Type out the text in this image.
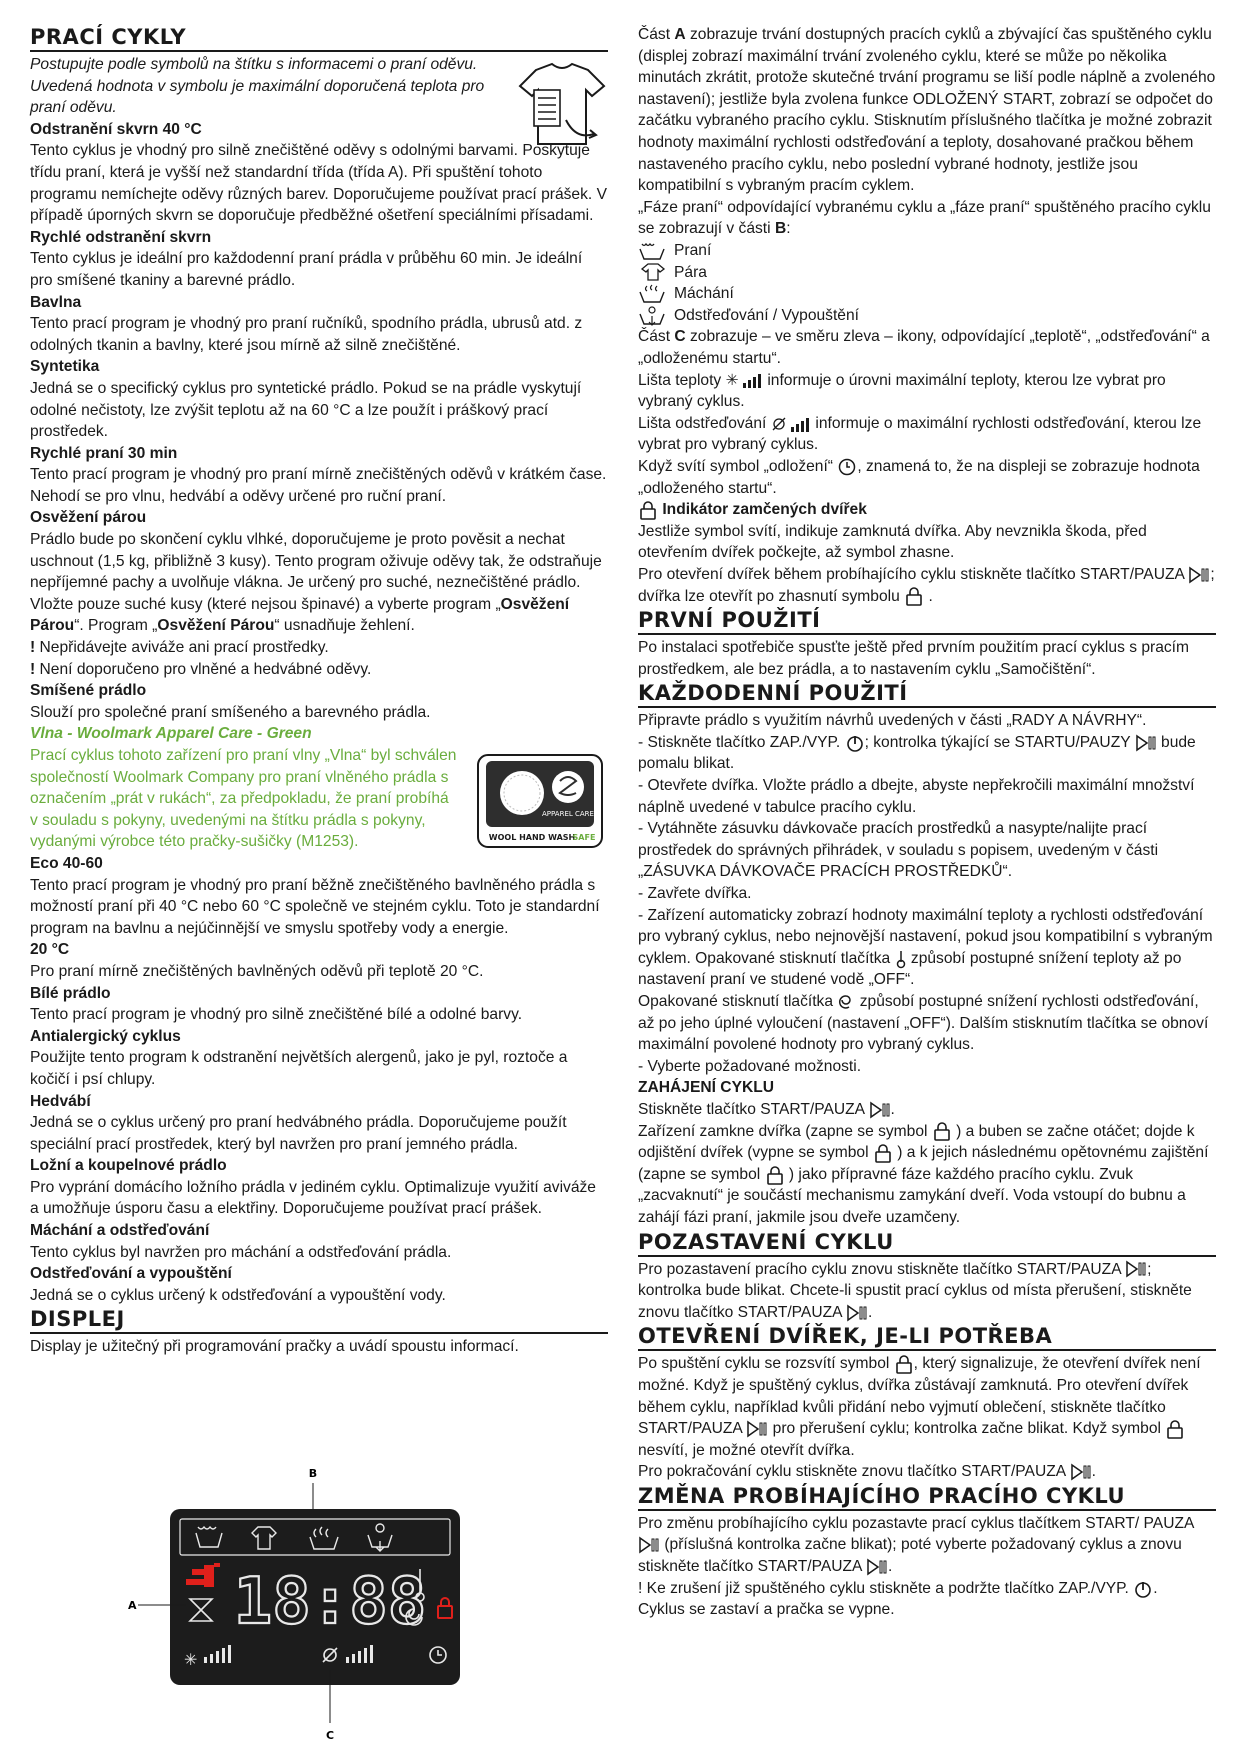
PRACÍ CYKLY

Postupujte podle symbolů na štítku s informacemi o praní oděvu. Uvedená hodnota v symbolu je maximální doporučená teplota pro praní oděvu.

Odstranění skvrn 40 °C

Tento cyklus je vhodný pro silně znečištěné oděvy s odolnými barvami. Poskytuje třídu praní, která je vyšší než standardní třída (třída A). Při spuštění tohoto programu nemíchejte oděvy různých barev. Doporučujeme používat prací prášek. V případě úporných skvrn se doporučuje předběžné ošetření speciálními přísadami.

Rychlé odstranění skvrn

Tento cyklus je ideální pro každodenní praní prádla v průběhu 60 min. Je ideální pro smíšené tkaniny a barevné prádlo.

Bavlna

Tento prací program je vhodný pro praní ručníků, spodního prádla, ubrusů atd. z odolných tkanin a bavlny, které jsou mírně až silně znečištěné.

Syntetika

Jedná se o specifický cyklus pro syntetické prádlo. Pokud se na prádle vyskytují odolné nečistoty, lze zvýšit teplotu až na 60 °C a lze použít i práškový prací prostředek.

Rychlé praní 30 min

Tento prací program je vhodný pro praní mírně znečištěných oděvů v krátkém čase. Nehodí se pro vlnu, hedvábí a oděvy určené pro ruční praní.

Osvěžení párou

Prádlo bude po skončení cyklu vlhké, doporučujeme je proto pověsit a nechat uschnout (1,5 kg, přibližně 3 kusy). Tento program oživuje oděvy tak, že odstraňuje nepříjemné pachy a uvolňuje vlákna. Je určený pro suché, neznečištěné prádlo. Vložte pouze suché kusy (které nejsou špinavé) a vyberte program „Osvěžení Párou“. Program „Osvěžení Párou“ usnadňuje žehlení.

! Nepřidávejte aviváže ani prací prostředky.

! Není doporučeno pro vlněné a hedvábné oděvy.

Smíšené prádlo

Slouží pro společné praní smíšeného a barevného prádla.

Vlna - Woolmark Apparel Care - Green

Prací cyklus tohoto zařízení pro praní vlny „Vlna“ byl schválen společností Woolmark Company pro praní vlněného prádla s označením „prát v rukách“, za předpokladu, že praní probíhá v souladu s pokyny, uvedenými na štítku prádla s pokyny, vydanými výrobce této pračky-sušičky (M1253).

APPAREL CARE
WOOL HAND WASH
SAFE

Eco 40-60

Tento prací program je vhodný pro praní běžně znečištěného bavlněného prádla s možností praní při 40 °C nebo 60 °C společně ve stejném cyklu. Toto je standardní program na bavlnu a nejúčinnější ve smyslu spotřeby vody a energie.

20 °C

Pro praní mírně znečištěných bavlněných oděvů při teplotě 20 °C.

Bílé prádlo

Tento prací program je vhodný pro silně znečištěné bílé a odolné barvy.

Antialergický cyklus

Použijte tento program k odstranění největších alergenů, jako je pyl, roztoče a kočičí i psí chlupy.

Hedvábí

Jedná se o cyklus určený pro praní hedvábného prádla. Doporučujeme použít speciální prací prostředek, který byl navržen pro praní jemného prádla.

Ložní a koupelnové prádlo

Pro vyprání domácího ložního prádla v jediném cyklu. Optimalizuje využití aviváže a umožňuje úsporu času a elektřiny. Doporučujeme používat prací prášek.

Máchání a odstřeďování

Tento cyklus byl navržen pro máchání a odstřeďování prádla.

Odstřeďování a vypouštění

Jedná se o cyklus určený k odstřeďování a vypouštění vody.

DISPLEJ

Display je užitečný při programování pračky a uvádí spoustu informací.

B
18:88
✳
A
C

Část A zobrazuje trvání dostupných pracích cyklů a zbývající čas spuštěného cyklu (displej zobrazí maximální trvání zvoleného cyklu, které se může po několika minutách zkrátit, protože skutečné trvání programu se liší podle náplně a zvoleného nastavení); jestliže byla zvolena funkce ODLOŽENÝ START, zobrazí se odpočet do začátku vybraného pracího cyklu. Stisknutím příslušného tlačítka je možné zobrazit hodnoty maximální rychlosti odstřeďování a teploty, dosahované pračkou během nastaveného pracího cyklu, nebo poslední vybrané hodnoty, jestliže jsou kompatibilní s vybraným pracím cyklem.

„Fáze praní“ odpovídající vybranému cyklu a „fáze praní“ spuštěného pracího cyklu se zobrazují v části B:

Praní
Pára
Máchání
Odstřeďování / Vypouštění

Část C zobrazuje – ve směru zleva – ikony, odpovídající „teplotě“, „odstřeďování“ a „odloženému startu“.

Lišta teploty ✳ informuje o úrovni maximální teploty, kterou lze vybrat pro vybraný cyklus.

Lišta odstřeďování	informuje o maximální rychlosti odstřeďování, kterou lze vybrat pro vybraný cyklus.

Když svítí symbol „odložení“ , znamená to, že na displeji se zobrazuje hodnota „odloženého startu“.

Indikátor zamčených dvířek

Jestliže symbol svítí, indikuje zamknutá dvířka. Aby nevznikla škoda, před otevřením dvířek počkejte, až symbol zhasne.

Pro otevření dvířek během probíhajícího cyklu stiskněte tlačítko START/PAUZA ; dvířka lze otevřít po zhasnutí symbolu .

PRVNÍ POUŽITÍ

Po instalaci spotřebiče spusťte ještě před prvním použitím prací cyklus s pracím prostředkem, ale bez prádla, a to nastavením cyklu „Samočištění“.

KAŽDODENNÍ POUŽITÍ

Připravte prádlo s využitím návrhů uvedených v části „RADY A NÁVRHY“.

- Stiskněte tlačítko ZAP./VYP. ; kontrolka týkající se STARTU/PAUZY bude pomalu blikat.

- Otevřete dvířka. Vložte prádlo a dbejte, abyste nepřekročili maximální množství náplně uvedené v tabulce pracího cyklu.

- Vytáhněte zásuvku dávkovače pracích prostředků a nasypte/nalijte prací prostředek do správných přihrádek, v souladu s popisem, uvedeným v části „ZÁSUVKA DÁVKOVAČE PRACÍCH PROSTŘEDKŮ“.

- Zavřete dvířka.

- Zařízení automaticky zobrazí hodnoty maximální teploty a rychlosti odstřeďování pro vybraný cyklus, nebo nejnovější nastavení, pokud jsou kompatibilní s vybraným cyklem. Opakované stisknutí tlačítka způsobí postupné snížení teploty až po nastavení praní ve studené vodě „OFF“.

Opakované stisknutí tlačítka způsobí postupné snížení rychlosti odstřeďování, až po jeho úplné vyloučení (nastavení „OFF“). Dalším stisknutím tlačítka se obnoví maximální povolené hodnoty pro vybraný cyklus.

- Vyberte požadované možnosti.

ZAHÁJENÍ CYKLU

Stiskněte tlačítko START/PAUZA .

Zařízení zamkne dvířka (zapne se symbol ) a buben se začne otáčet; dojde k odjištění dvířek (vypne se symbol ) a k jejich následnému opětovnému zajištění (zapne se symbol ) jako přípravné fáze každého pracího cyklu. Zvuk „zacvaknutí“ je součástí mechanismu zamykání dveří. Voda vstoupí do bubnu a zahájí fázi praní, jakmile jsou dveře uzamčeny.

POZASTAVENÍ CYKLU

Pro pozastavení pracího cyklu znovu stiskněte tlačítko START/PAUZA ; kontrolka bude blikat. Chcete-li spustit prací cyklus od místa přerušení, stiskněte znovu tlačítko START/PAUZA .

OTEVŘENÍ DVÍŘEK, JE-LI POTŘEBA

Po spuštění cyklu se rozsvítí symbol , který signalizuje, že otevření dvířek není možné. Když je spuštěný cyklus, dvířka zůstávají zamknutá. Pro otevření dvířek během cyklu, například kvůli přidání nebo vyjmutí oblečení, stiskněte tlačítko START/PAUZA pro přerušení cyklu; kontrolka začne blikat. Když symbol  nesvítí, je možné otevřít dvířka.

Pro pokračování cyklu stiskněte znovu tlačítko START/PAUZA .

ZMĚNA PROBÍHAJÍCÍHO PRACÍHO CYKLU

Pro změnu probíhajícího cyklu pozastavte prací cyklus tlačítkem START/ PAUZA  (příslušná kontrolka začne blikat); poté vyberte požadovaný cyklus a znovu stiskněte tlačítko START/PAUZA .

! Ke zrušení již spuštěného cyklu stiskněte a podržte tlačítko ZAP./VYP. .

Cyklus se zastaví a pračka se vypne.
